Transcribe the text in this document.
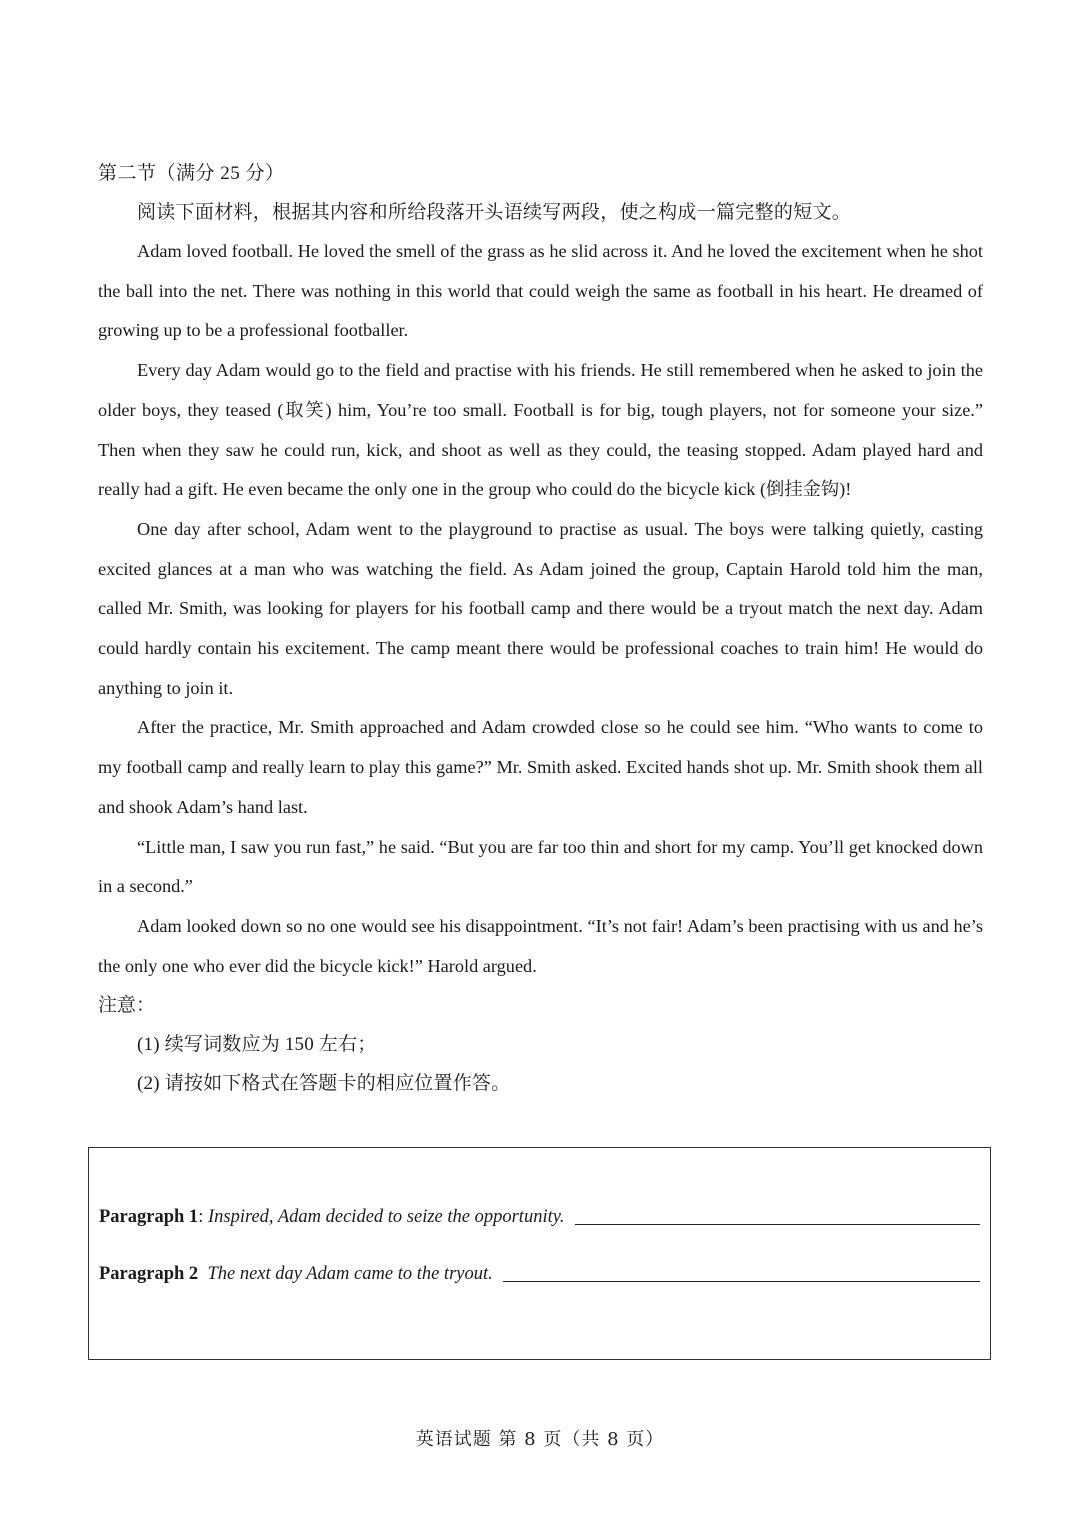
第二节（满分 25 分）
阅读下面材料，根据其内容和所给段落开头语续写两段，使之构成一篇完整的短文。

Adam loved football. He loved the smell of the grass as he slid across it. And he loved the excitement when he shot the ball into the net. There was nothing in this world that could weigh the same as football in his heart. He dreamed of growing up to be a professional footballer.

Every day Adam would go to the field and practise with his friends. He still remembered when he asked to join the older boys, they teased (取笑) him, You’re too small. Football is for big, tough players, not for someone your size.” Then when they saw he could run, kick, and shoot as well as they could, the teasing stopped. Adam played hard and really had a gift. He even became the only one in the group who could do the bicycle kick (倒挂金钩)!

One day after school, Adam went to the playground to practise as usual. The boys were talking quietly, casting excited glances at a man who was watching the field. As Adam joined the group, Captain Harold told him the man, called Mr. Smith, was looking for players for his football camp and there would be a tryout match the next day. Adam could hardly contain his excitement. The camp meant there would be professional coaches to train him! He would do anything to join it.

After the practice, Mr. Smith approached and Adam crowded close so he could see him. “Who wants to come to my football camp and really learn to play this game?” Mr. Smith asked. Excited hands shot up. Mr. Smith shook them all and shook Adam’s hand last.

“Little man, I saw you run fast,” he said. “But you are far too thin and short for my camp. You’ll get knocked down in a second.”

Adam looked down so no one would see his disappointment. “It’s not fair! Adam’s been practising with us and he’s the only one who ever did the bicycle kick!” Harold argued.

注意：
(1) 续写词数应为 150 左右；
(2) 请按如下格式在答题卡的相应位置作答。
Paragraph 1 : Inspired, Adam decided to seize the opportunity.
Paragraph 2
The next day Adam came to the tryout.
英语试题 第 8 页（共 8 页）
